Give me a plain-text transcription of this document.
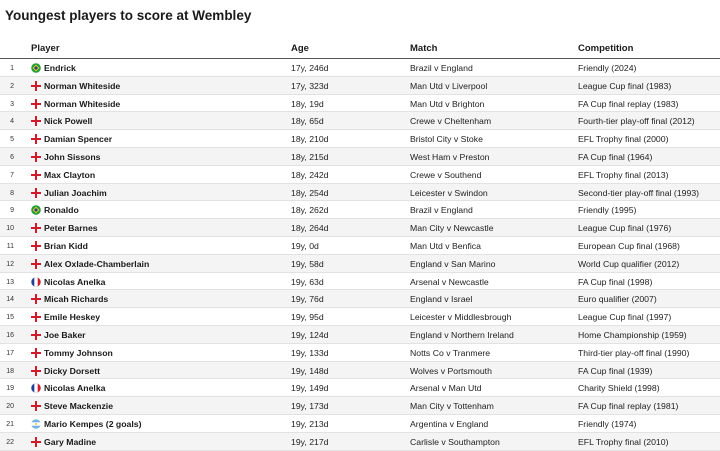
Youngest players to score at Wembley
Player	Age	Match	Competition
1	Endrick	17y, 246d	Brazil v England	Friendly (2024)
2	Norman Whiteside	17y, 323d	Man Utd v Liverpool	League Cup final (1983)
3	Norman Whiteside	18y, 19d	Man Utd v Brighton	FA Cup final replay (1983)
4	Nick Powell	18y, 65d	Crewe v Cheltenham	Fourth-tier play-off final (2012)
5	Damian Spencer	18y, 210d	Bristol City v Stoke	EFL Trophy final (2000)
6	John Sissons	18y, 215d	West Ham v Preston	FA Cup final (1964)
7	Max Clayton	18y, 242d	Crewe v Southend	EFL Trophy final (2013)
8	Julian Joachim	18y, 254d	Leicester v Swindon	Second-tier play-off final (1993)
9	Ronaldo	18y, 262d	Brazil v England	Friendly (1995)
10	Peter Barnes	18y, 264d	Man City v Newcastle	League Cup final (1976)
11	Brian Kidd	19y, 0d	Man Utd v Benfica	European Cup final (1968)
12	Alex Oxlade-Chamberlain	19y, 58d	England v San Marino	World Cup qualifier (2012)
13	Nicolas Anelka	19y, 63d	Arsenal v Newcastle	FA Cup final (1998)
14	Micah Richards	19y, 76d	England v Israel	Euro qualifier (2007)
15	Emile Heskey	19y, 95d	Leicester v Middlesbrough	League Cup final (1997)
16	Joe Baker	19y, 124d	England v Northern Ireland	Home Championship (1959)
17	Tommy Johnson	19y, 133d	Notts Co v Tranmere	Third-tier play-off final (1990)
18	Dicky Dorsett	19y, 148d	Wolves v Portsmouth	FA Cup final (1939)
19	Nicolas Anelka	19y, 149d	Arsenal v Man Utd	Charity Shield (1998)
20	Steve Mackenzie	19y, 173d	Man City v Tottenham	FA Cup final replay (1981)
21	Mario Kempes (2 goals)	19y, 213d	Argentina v England	Friendly (1974)
22	Gary Madine	19y, 217d	Carlisle v Southampton	EFL Trophy final (2010)
